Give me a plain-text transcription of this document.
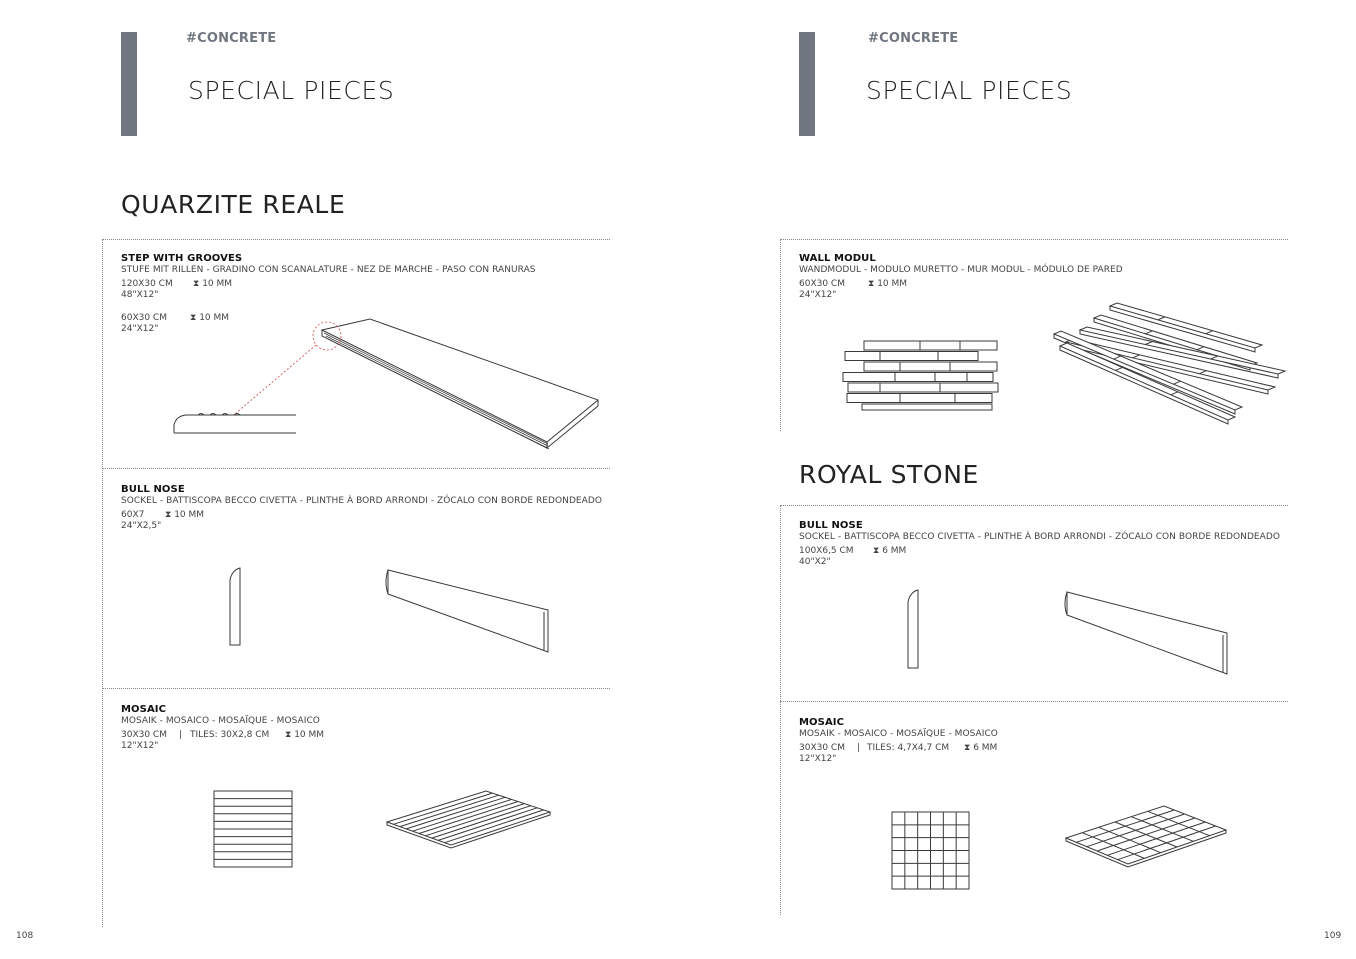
#CONCRETE
SPECIAL PIECES
QUARZITE REALE
STEP WITH GROOVES
STUFE MIT RILLEN - GRADINO CON SCANALATURE - NEZ DE MARCHE - PASO CON RANURAS
120X30 CM ⧗ 10 MM
48"X12"
60X30 CM	⧗ 10 MM
24"X12"
BULL NOSE
SOCKEL - BATTISCOPA BECCO CIVETTA - PLINTHE À BORD ARRONDI - ZÓCALO CON BORDE REDONDEADO
60X7 ⧗ 10 MM
24"X2,5"
MOSAIC
MOSAIK - MOSAICO - MOSAÏQUE - MOSAICO
30X30 CM | TILES: 30X2,8 CM ⧗ 10 MM
12"X12"
108
#CONCRETE
SPECIAL PIECES
WALL MODUL
WANDMODUL - MODULO MURETTO - MUR MODUL - MÓDULO DE PARED
60X30 CM	⧗ 10 MM
24"X12"
ROYAL STONE
BULL NOSE
SOCKEL - BATTISCOPA BECCO CIVETTA - PLINTHE À BORD ARRONDI - ZÓCALO CON BORDE REDONDEADO
100X6,5 CM ⧗ 6 MM
40"X2"
MOSAIC
MOSAIK - MOSAICO - MOSAÏQUE - MOSAICO
30X30 CM | TILES: 4,7X4,7 CM ⧗ 6 MM
12"X12"
109
